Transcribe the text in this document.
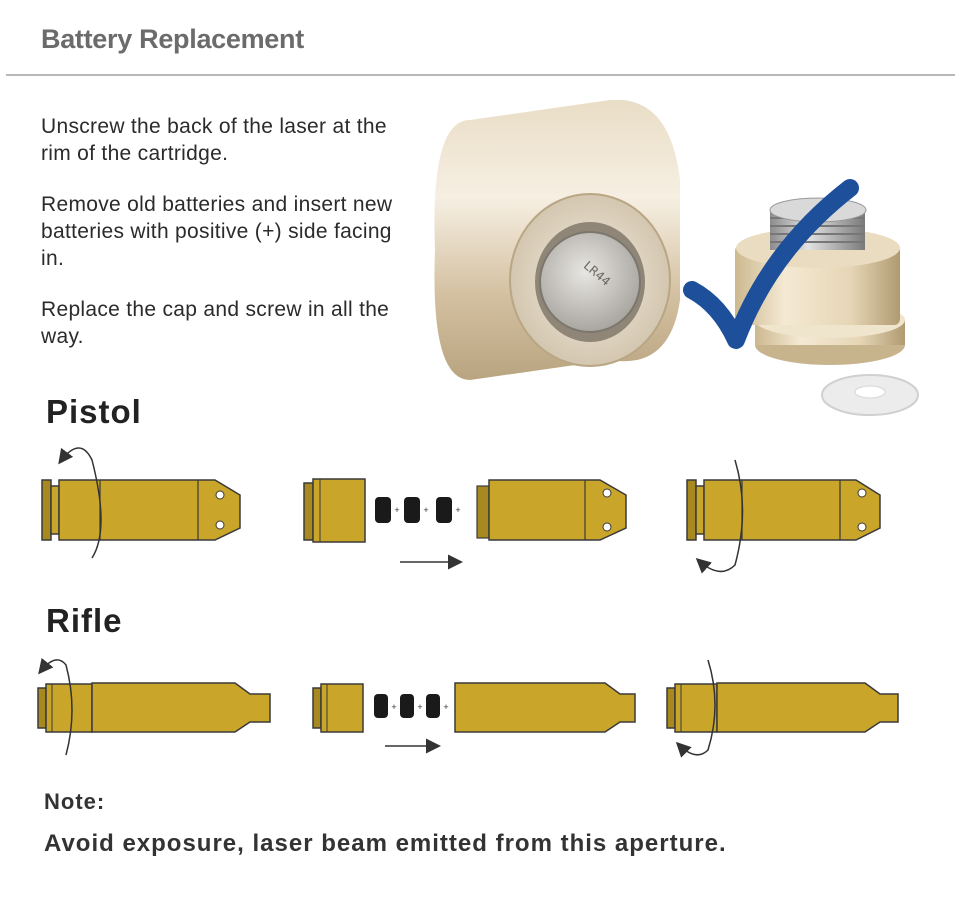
Battery Replacement

Unscrew the back of the laser at the rim of the cartridge.

Remove old batteries and insert new batteries with positive (+) side facing in.

Replace the cap and screw in all the way.

LR44
Pistol
+	+	+
Rifle
+ + +
Note:
Avoid exposure, laser beam emitted from this aperture.
